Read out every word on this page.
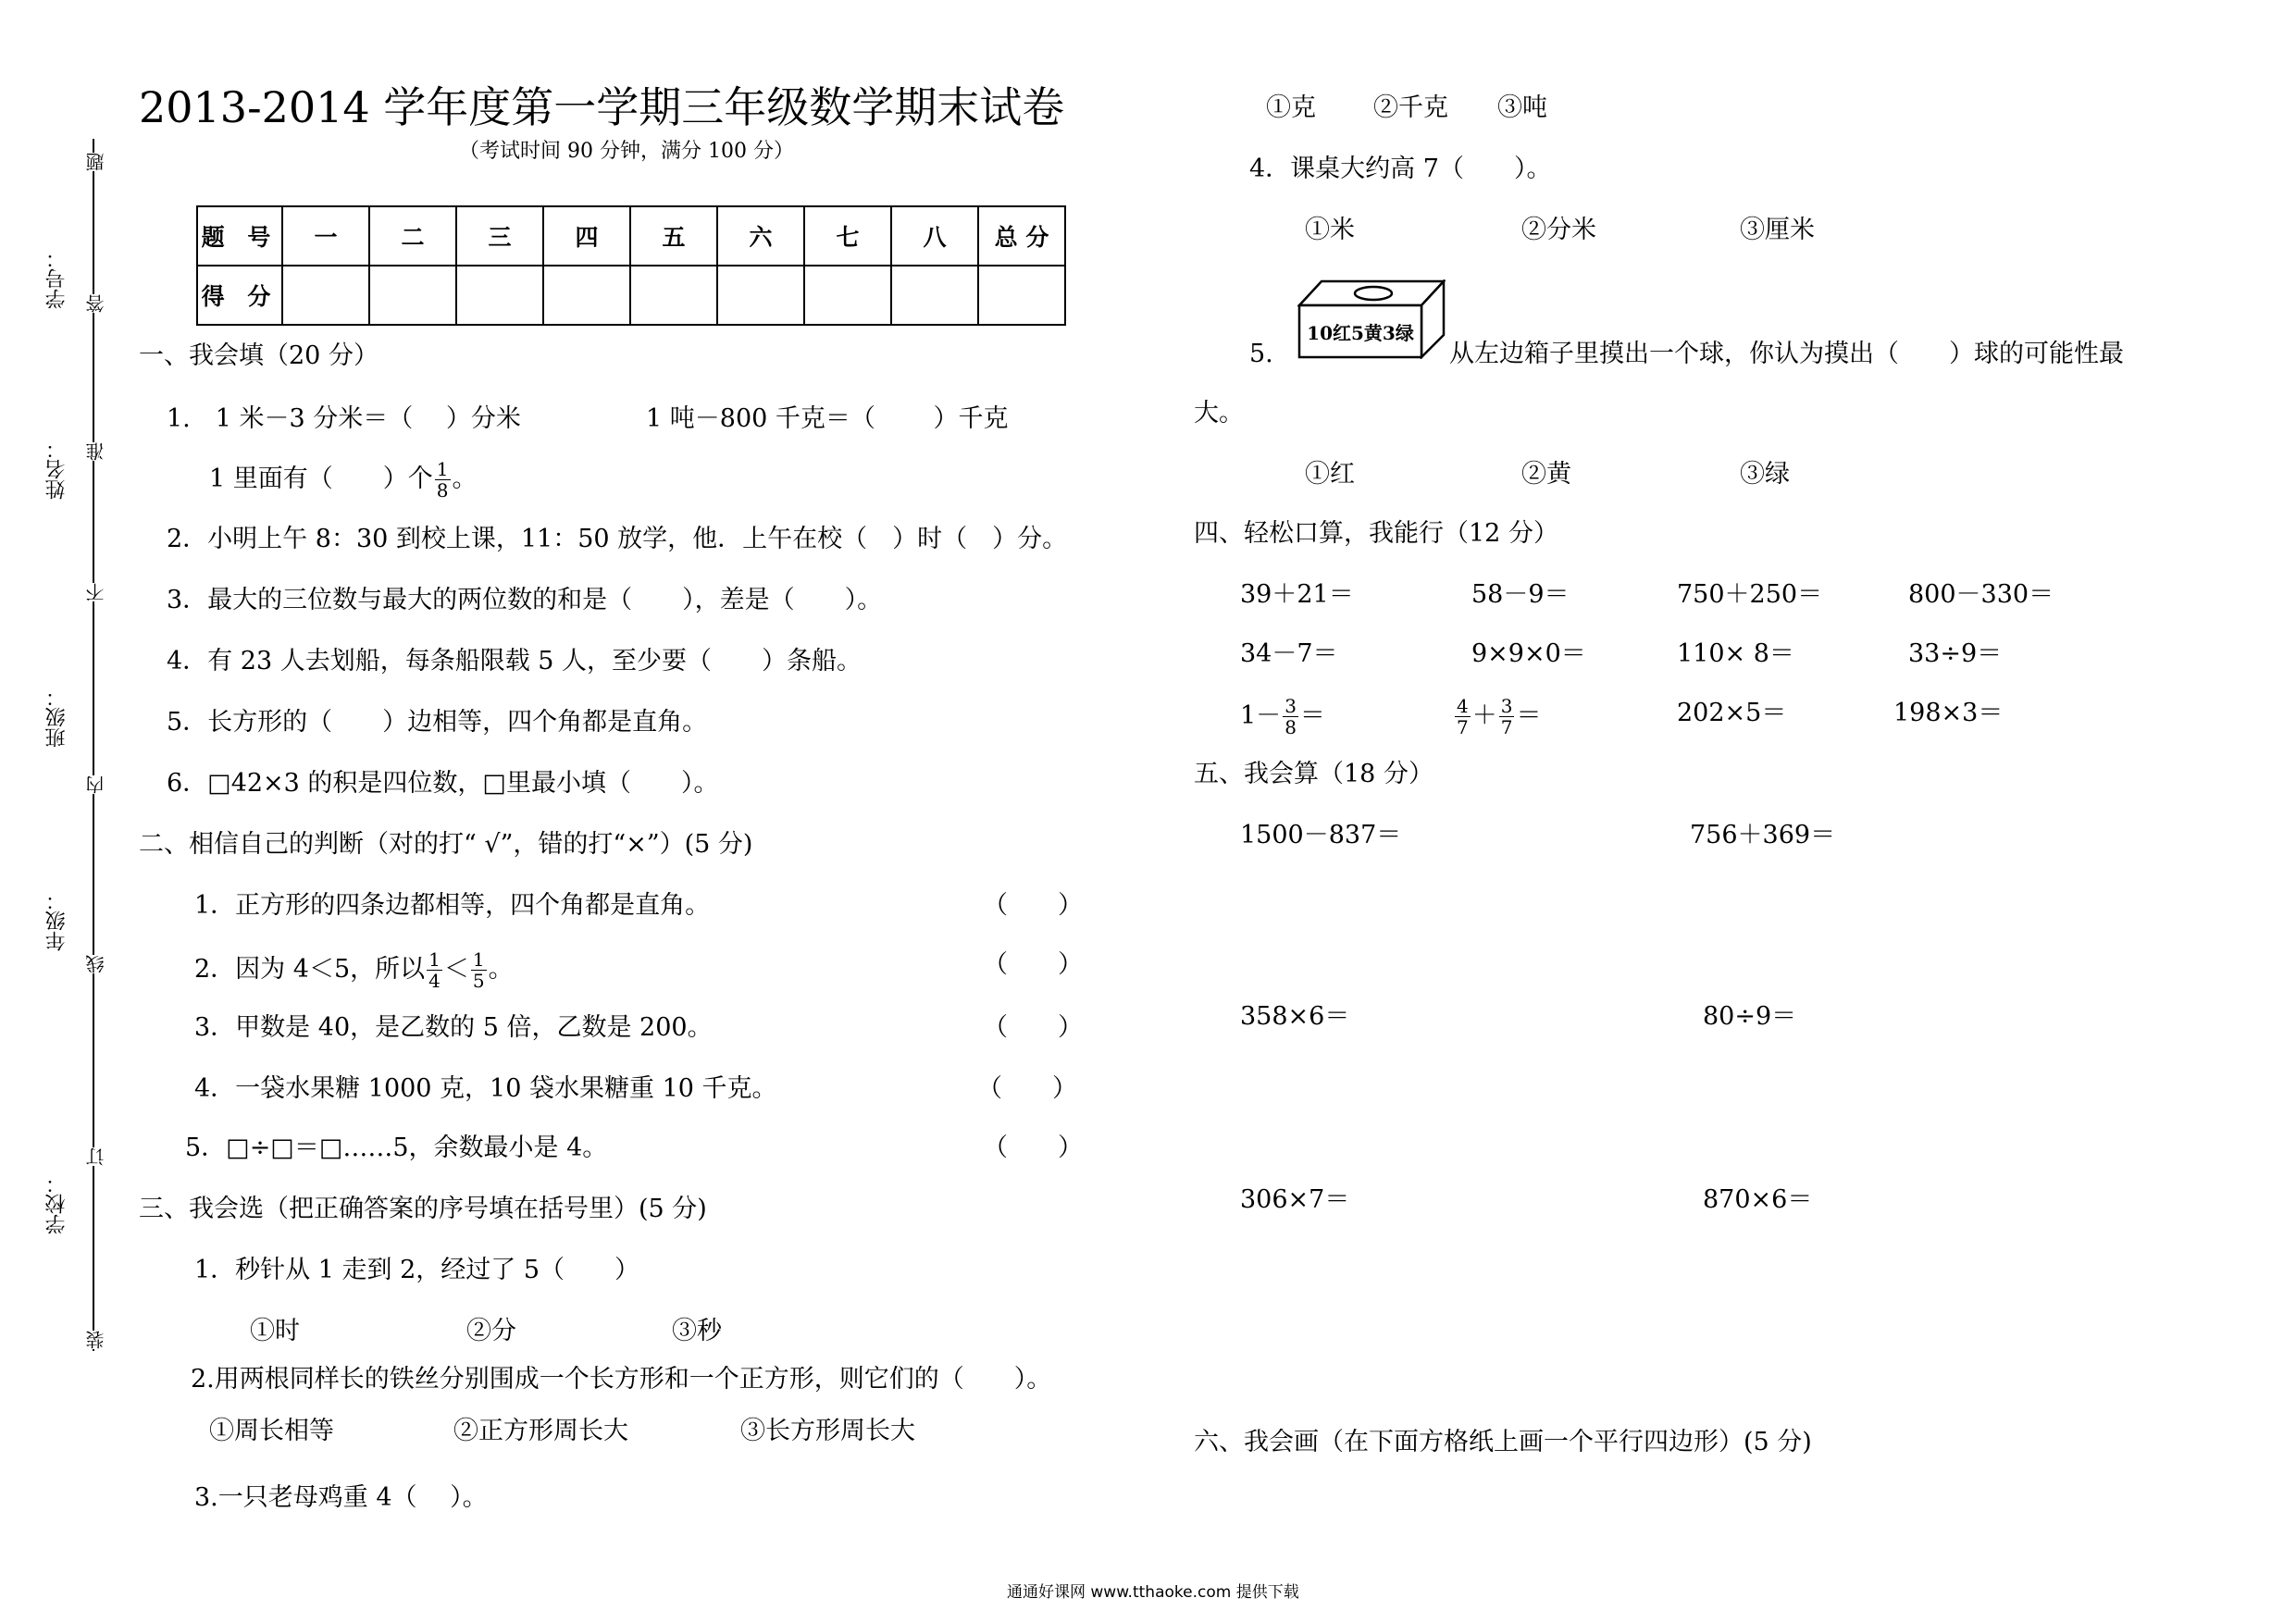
题
答
准
不
内
线
订
装
学号：
姓名：
班级：
年级：
学校：
2013-2014 学年度第一学期三年级数学期末试卷
（考试时间 90 分钟，满分 100 分）
题 号	一	二	三	四	五	六	七	八	总 分
得 分									
一、我会填（20 分）
1.　1 米－3 分米＝（　 ）分米	1 吨－800 千克＝（　　 ）千克
1 里面有（　　）个 $\frac{1}{8}$ 。
2．小明上午 8：30 到校上课，11：50 放学，他．上午在校（　）时（　）分。
3．最大的三位数与最大的两位数的和是（　　），差是（　　）。
4．有 23 人去划船，每条船限载 5 人，至少要（　　）条船。
5．长方形的（　　）边相等，四个角都是直角。
6．□42×3 的积是四位数，□里最小填（　　）。
二、相信自己的判断（对的打“ √”，错的打“×”）(5 分)
1．正方形的四条边都相等，四个角都是直角。	（　　）
2．因为 4＜5，所以 $\frac{1}{4} < \frac{1}{5}$ 。	（　　）
3．甲数是 40，是乙数的 5 倍，乙数是 200。	（　　）
4．一袋水果糖 1000 克，10 袋水果糖重 10 千克。	（　　）
5．□÷□＝□……5，余数最小是 4。	（　　）
三、我会选（把正确答案的序号填在括号里）(5 分)
1．秒针从 1 走到 2，经过了 5（　　）
①时	②分	③秒
2.用两根同样长的铁丝分别围成一个长方形和一个正方形，则它们的（　　）。
①周长相等	②正方形周长大	③长方形周长大
3.一只老母鸡重 4（　 ）。
①克 ②千克 ③吨
4．课桌大约高 7（　　）。
①米	②分米	③厘米
5.
10红5黄3绿
从左边箱子里摸出一个球，你认为摸出（　　）球的可能性最
大。
①红	②黄	③绿
四、轻松口算，我能行（12 分）
39＋21＝	58－9＝	750＋250＝	800－330＝
34－7＝	9×9×0＝	110× 8＝	33÷9＝
$1- \frac{3}{8}$ ＝	$\frac{4}{7} + \frac{3}{7}$ ＝	202×5＝	198×3＝
五、我会算（18 分）
1500－837＝	756＋369＝
358×6＝	80÷9＝
306×7＝	870×6＝
六、我会画（在下面方格纸上画一个平行四边形）(5 分)
通通好课网 www.tthaoke.com 提供下载
